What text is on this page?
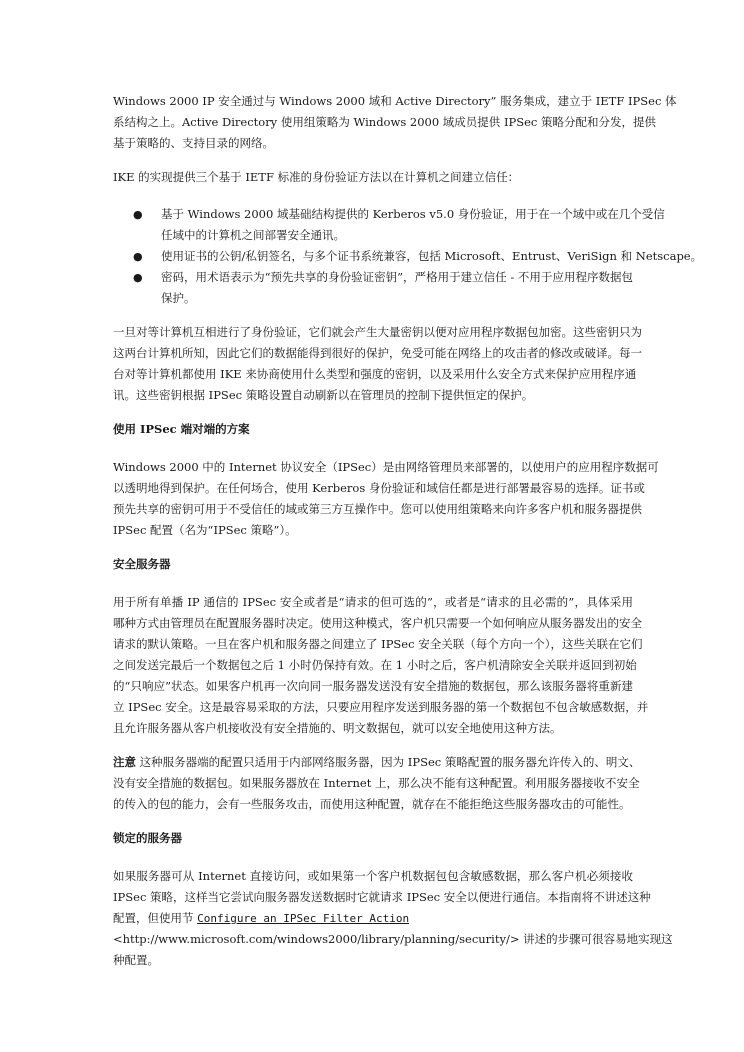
Windows 2000 IP 安全通过与 Windows 2000 域和 Active Directory” 服务集成，建立于 IETF IPSec 体
系结构之上。Active Directory 使用组策略为 Windows 2000 域成员提供 IPSec 策略分配和分发，提供
基于策略的、支持目录的网络。
IKE 的实现提供三个基于 IETF 标准的身份验证方法以在计算机之间建立信任：
● 基于 Windows 2000 域基础结构提供的 Kerberos v5.0 身份验证，用于在一个域中或在几个受信
任域中的计算机之间部署安全通讯。
● 使用证书的公钥/私钥签名，与多个证书系统兼容，包括 Microsoft、Entrust、VeriSign 和 Netscape。
● 密码，用术语表示为“预先共享的身份验证密钥”，严格用于建立信任 - 不用于应用程序数据包
保护。
一旦对等计算机互相进行了身份验证，它们就会产生大量密钥以便对应用程序数据包加密。这些密钥只为
这两台计算机所知，因此它们的数据能得到很好的保护，免受可能在网络上的攻击者的修改或破译。每一
台对等计算机都使用 IKE 来协商使用什么类型和强度的密钥，以及采用什么安全方式来保护应用程序通
讯。这些密钥根据 IPSec 策略设置自动刷新以在管理员的控制下提供恒定的保护。
使用 IPSec 端对端的方案
Windows 2000 中的 Internet 协议安全（IPSec）是由网络管理员来部署的，以使用户的应用程序数据可
以透明地得到保护。在任何场合，使用 Kerberos 身份验证和域信任都是进行部署最容易的选择。证书或
预先共享的密钥可用于不受信任的域或第三方互操作中。您可以使用组策略来向许多客户机和服务器提供
IPSec 配置（名为“IPSec 策略”）。
安全服务器
用于所有单播 IP 通信的 IPSec 安全或者是“请求的但可选的”，或者是“请求的且必需的”，具体采用
哪种方式由管理员在配置服务器时决定。使用这种模式，客户机只需要一个如何响应从服务器发出的安全
请求的默认策略。一旦在客户机和服务器之间建立了 IPSec 安全关联（每个方向一个），这些关联在它们
之间发送完最后一个数据包之后 1 小时仍保持有效。在 1 小时之后，客户机清除安全关联并返回到初始
的“只响应”状态。如果客户机再一次向同一服务器发送没有安全措施的数据包，那么该服务器将重新建
立 IPSec 安全。这是最容易采取的方法，只要应用程序发送到服务器的第一个数据包不包含敏感数据，并
且允许服务器从客户机接收没有安全措施的、明文数据包，就可以安全地使用这种方法。
注意 这种服务器端的配置只适用于内部网络服务器，因为 IPSec 策略配置的服务器允许传入的、明文、
没有安全措施的数据包。如果服务器放在 Internet 上，那么决不能有这种配置。利用服务器接收不安全
的传入的包的能力，会有一些服务攻击，而使用这种配置，就存在不能拒绝这些服务器攻击的可能性。
锁定的服务器
如果服务器可从 Internet 直接访问，或如果第一个客户机数据包包含敏感数据，那么客户机必须接收
IPSec 策略，这样当它尝试向服务器发送数据时它就请求 IPSec 安全以便进行通信。本指南将不讲述这种
配置，但使用节 Configure an IPSec Filter Action
<http://www.microsoft.com/windows2000/library/planning/security/> 讲述的步骤可很容易地实现这
种配置。
